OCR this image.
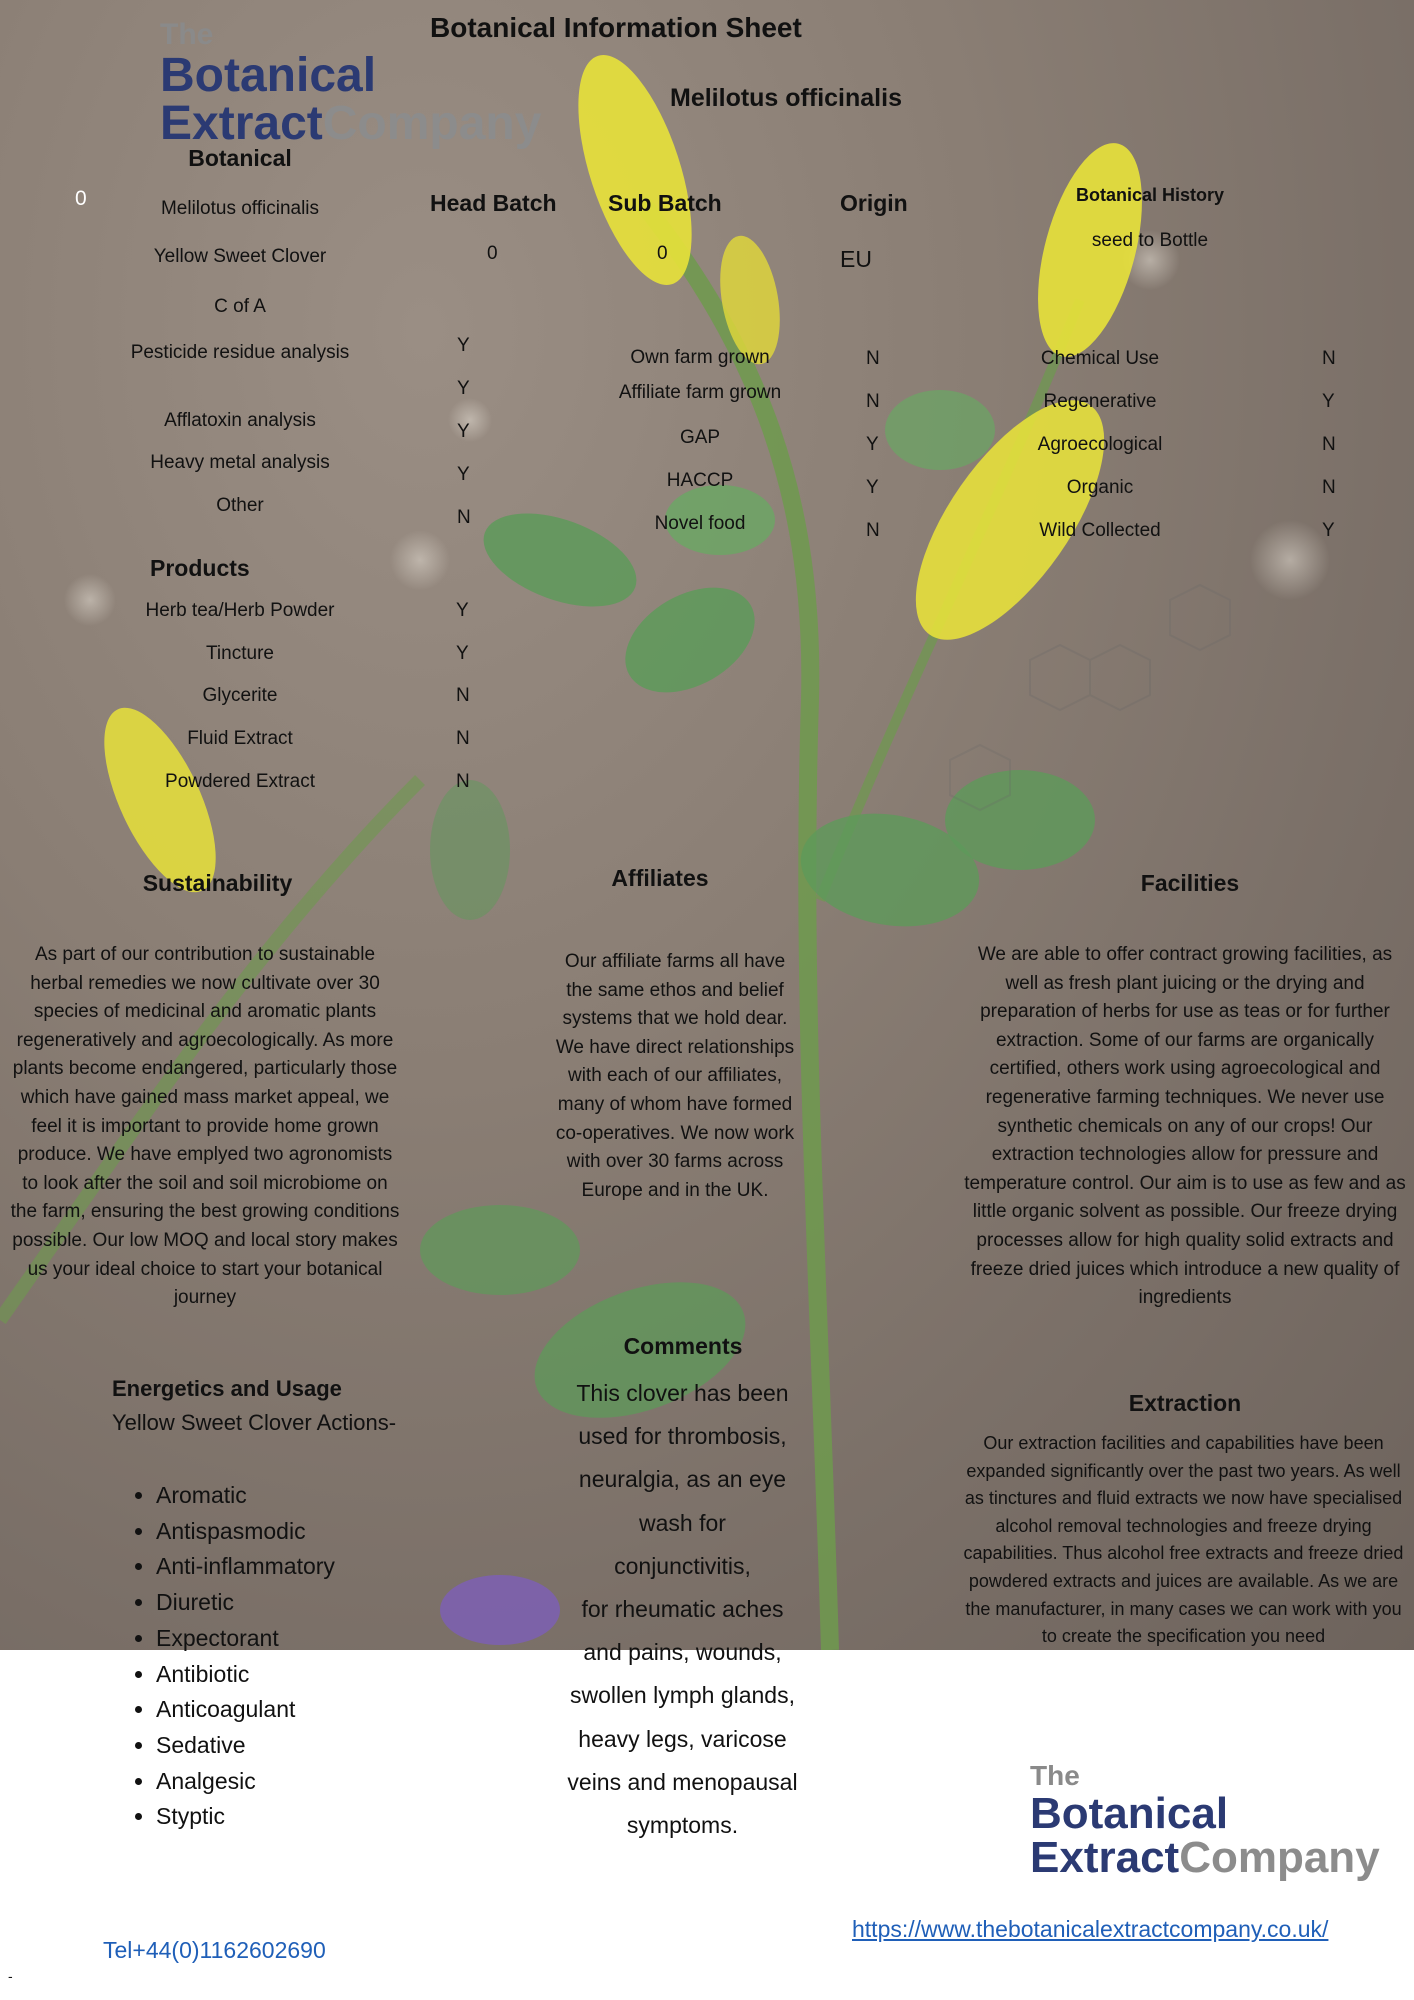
The
Botanical
ExtractCompany
Botanical Information Sheet
Melilotus officinalis
Botanical
0	Melilotus officinalis
Yellow Sweet Clover
C of A
Pesticide residue analysis
Afflatoxin analysis
Heavy metal analysis
Other
Y
Y
Y
Y
N
Head Batch
0
Sub Batch
0
Origin
EU
Botanical History
seed to Bottle
Own farm grown
Affiliate farm grown
GAP
HACCP
Novel food
N
N
Y
Y
N
Chemical Use
Regenerative
Agroecological
Organic
Wild Collected
N
Y
N
N
Y
Products
Herb tea/Herb Powder
Tincture
Glycerite
Fluid Extract
Powdered Extract
Y
Y
N
N
N
Sustainability
As part of our contribution to sustainable herbal remedies we now cultivate over 30 species of medicinal and aromatic plants regeneratively and agroecologically. As more plants become endangered, particularly those which have gained mass market appeal, we feel it is important to provide home grown produce. We have emplyed two agronomists to look after the soil and soil microbiome on the farm, ensuring the best growing conditions possible. Our low MOQ and local story makes us your ideal choice to start your botanical journey
Affiliates
Our affiliate farms all have the same ethos and belief systems that we hold dear. We have direct relationships with each of our affiliates, many of whom have formed co-operatives. We now work with over 30 farms across Europe and in the UK.
Facilities
We are able to offer contract growing facilities, as well as fresh plant juicing or the drying and preparation of herbs for use as teas or for further extraction. Some of our farms are organically certified, others work using agroecological and regenerative farming techniques. We never use synthetic chemicals on any of our crops! Our extraction technologies allow for pressure and temperature control. Our aim is to use as few and as little organic solvent as possible. Our freeze drying processes allow for high quality solid extracts and freeze dried juices which introduce a new quality of ingredients
Energetics and Usage
Yellow Sweet Clover Actions-
• Aromatic
• Antispasmodic
• Anti-inflammatory
• Diuretic
• Expectorant
• Antibiotic
• Anticoagulant
• Sedative
• Analgesic
• Styptic
Comments
This clover has been
used for thrombosis,
neuralgia, as an eye
wash for
conjunctivitis,
for rheumatic aches
and pains, wounds,
swollen lymph glands,
heavy legs, varicose
veins and menopausal
symptoms.
Extraction
Our extraction facilities and capabilities have been expanded significantly over the past two years. As well as tinctures and fluid extracts we now have specialised alcohol removal technologies and freeze drying capabilities. Thus alcohol free extracts and freeze dried powdered extracts and juices are available. As we are the manufacturer, in many cases we can work with you to create the specification you need
The
Botanical
ExtractCompany
https://www.thebotanicalextractcompany.co.uk/
Tel+44(0)1162602690
-
